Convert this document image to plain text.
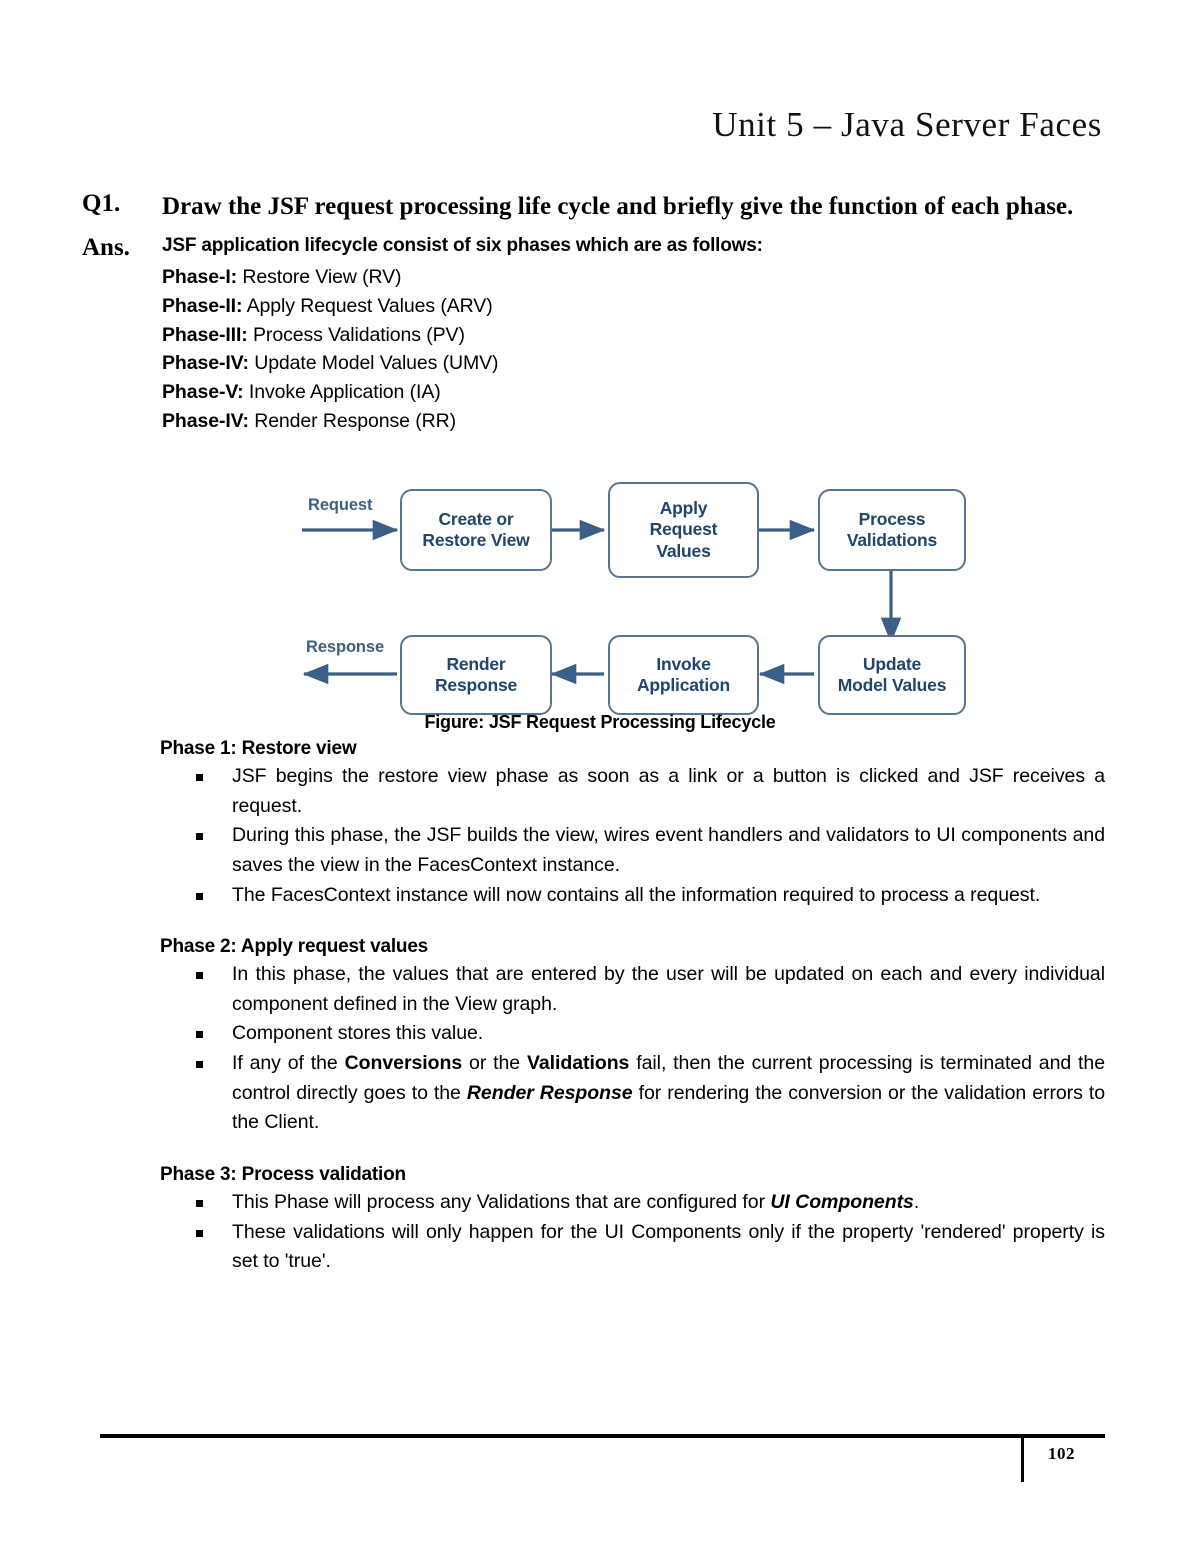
Unit 5 – Java Server Faces
Q1.	Draw the JSF request processing life cycle and briefly give the function of each phase.
Ans.	JSF application lifecycle consist of six phases which are as follows:
Phase-I: Restore View (RV)
Phase-II: Apply Request Values (ARV)
Phase-III: Process Validations (PV)
Phase-IV: Update Model Values (UMV)
Phase-V: Invoke Application (IA)
Phase-IV: Render Response (RR)
Request
Response
Create or
Restore View
Apply
Request
Values
Process
Validations
Update
Model Values
Invoke
Application
Render
Response
Figure: JSF Request Processing Lifecycle
Phase 1: Restore view
JSF begins the restore view phase as soon as a link or a button is clicked and JSF receives a request.
During this phase, the JSF builds the view, wires event handlers and validators to UI components and saves the view in the FacesContext instance.
The FacesContext instance will now contains all the information required to process a request.
Phase 2: Apply request values
In this phase, the values that are entered by the user will be updated on each and every individual component defined in the View graph.
Component stores this value.
If any of the Conversions or the Validations fail, then the current processing is terminated and the control directly goes to the Render Response for rendering the conversion or the validation errors to the Client.
Phase 3: Process validation
This Phase will process any Validations that are configured for UI Components.
These validations will only happen for the UI Components only if the property 'rendered' property is set to 'true'.
102
